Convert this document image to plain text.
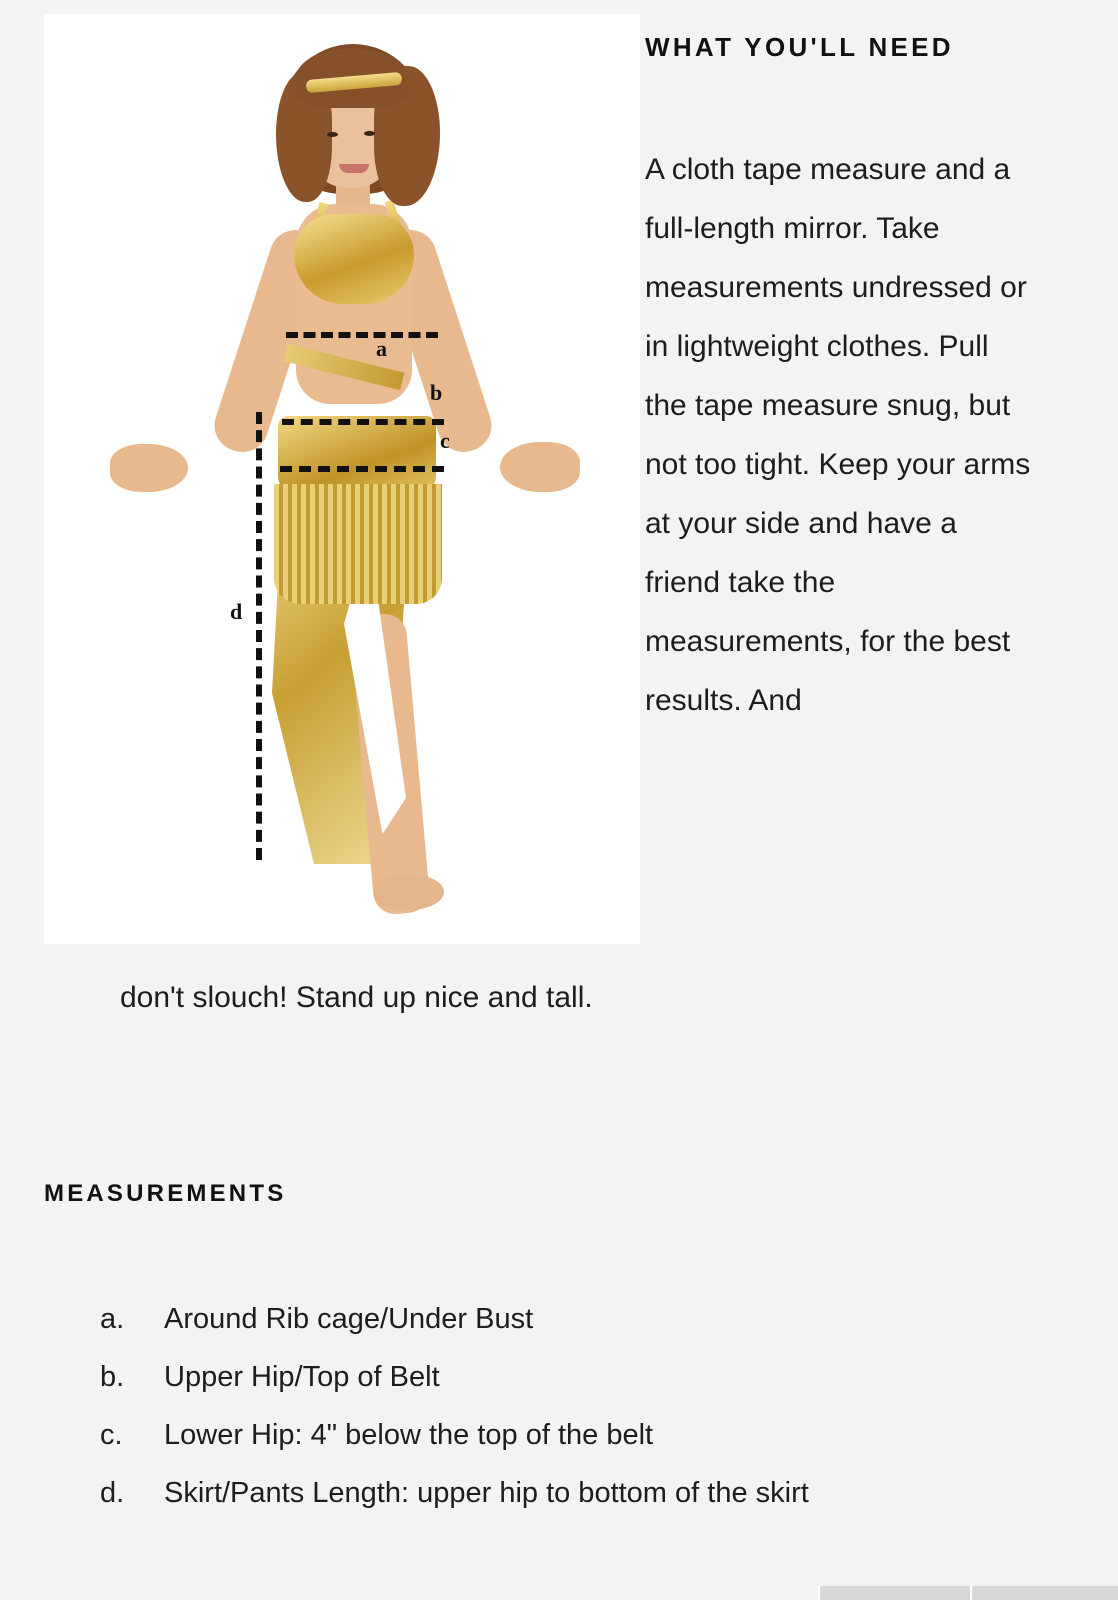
a
b
c
d
WHAT YOU'LL NEED
A cloth tape measure and a full-length mirror. Take measurements undressed or in lightweight clothes. Pull the tape measure snug, but not too tight. Keep your arms at your side and have a friend take the measurements, for the best results. And
don't slouch! Stand up nice and tall.
MEASUREMENTS
a.	Around Rib cage/Under Bust
b.	Upper Hip/Top of Belt
c.	Lower Hip: 4" below the top of the belt
d.	Skirt/Pants Length: upper hip to bottom of the skirt
